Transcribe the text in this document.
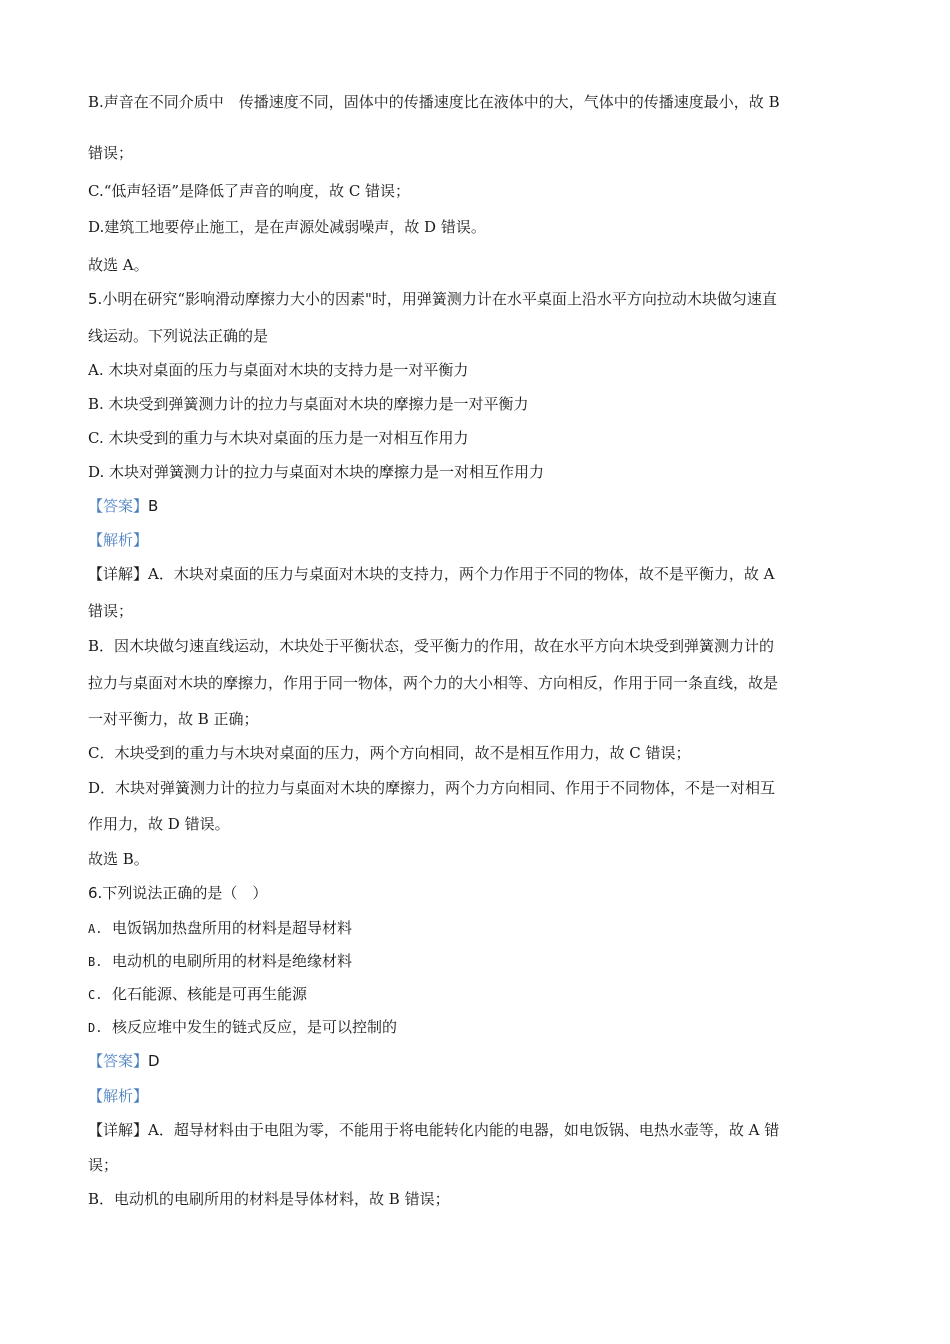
B.声音在不同介质中　传播速度不同，固体中的传播速度比在液体中的大，气体中的传播速度最小，故 B
错误；
C.“低声轻语”是降低了声音的响度，故 C 错误；
D.建筑工地要停止施工，是在声源处减弱噪声，故 D 错误。
故选 A。
5.小明在研究“影响滑动摩擦力大小的因素"时，用弹簧测力计在水平桌面上沿水平方向拉动木块做匀速直
线运动。下列说法正确的是
A. 木块对桌面的压力与桌面对木块的支持力是一对平衡力
B. 木块受到弹簧测力计的拉力与桌面对木块的摩擦力是一对平衡力
C. 木块受到的重力与木块对桌面的压力是一对相互作用力
D. 木块对弹簧测力计的拉力与桌面对木块的摩擦力是一对相互作用力
【答案】B
【解析】
【详解】A．木块对桌面的压力与桌面对木块的支持力，两个力作用于不同的物体，故不是平衡力，故 A
错误；
B．因木块做匀速直线运动，木块处于平衡状态，受平衡力的作用，故在水平方向木块受到弹簧测力计的
拉力与桌面对木块的摩擦力，作用于同一物体，两个力的大小相等、方向相反，作用于同一条直线，故是
一对平衡力，故 B 正确；
C．木块受到的重力与木块对桌面的压力，两个方向相同，故不是相互作用力，故 C 错误；
D．木块对弹簧测力计的拉力与桌面对木块的摩擦力，两个力方向相同、作用于不同物体，不是一对相互
作用力，故 D 错误。
故选 B。
6.下列说法正确的是（　）
A. 电饭锅加热盘所用的材料是超导材料
B. 电动机的电刷所用的材料是绝缘材料
C. 化石能源、核能是可再生能源
D. 核反应堆中发生的链式反应，是可以控制的
【答案】D
【解析】
【详解】A．超导材料由于电阻为零，不能用于将电能转化内能的电器，如电饭锅、电热水壶等，故 A 错
误；
B．电动机的电刷所用的材料是导体材料，故 B 错误；
